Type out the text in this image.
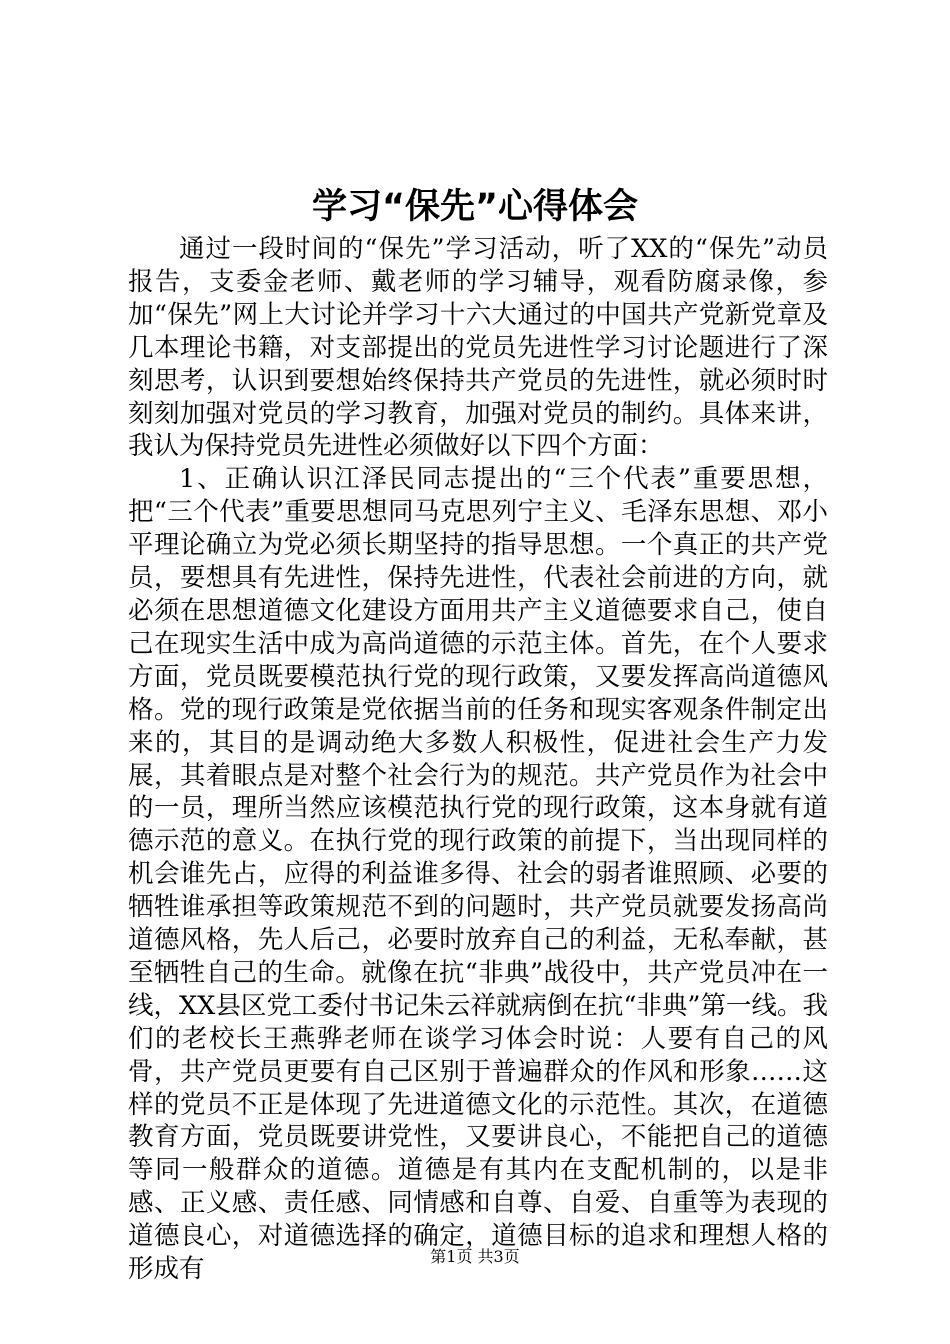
学习“保先”心得体会

通过一段时间的“保先”学习活动，听了XX的“保先”动员报告，支委金老师、戴老师的学习辅导，观看防腐录像，参加“保先”网上大讨论并学习十六大通过的中国共产党新党章及几本理论书籍，对支部提出的党员先进性学习讨论题进行了深刻思考，认识到要想始终保持共产党员的先进性，就必须时时刻刻加强对党员的学习教育，加强对党员的制约。具体来讲，我认为保持党员先进性必须做好以下四个方面：

1、正确认识江泽民同志提出的“三个代表”重要思想，把“三个代表”重要思想同马克思列宁主义、毛泽东思想、邓小平理论确立为党必须长期坚持的指导思想。一个真正的共产党员，要想具有先进性，保持先进性，代表社会前进的方向，就必须在思想道德文化建设方面用共产主义道德要求自己，使自己在现实生活中成为高尚道德的示范主体。首先，在个人要求方面，党员既要模范执行党的现行政策，又要发挥高尚道德风格。党的现行政策是党依据当前的任务和现实客观条件制定出来的，其目的是调动绝大多数人积极性，促进社会生产力发展，其着眼点是对整个社会行为的规范。共产党员作为社会中的一员，理所当然应该模范执行党的现行政策，这本身就有道德示范的意义。在执行党的现行政策的前提下，当出现同样的机会谁先占，应得的利益谁多得、社会的弱者谁照顾、必要的牺牲谁承担等政策规范不到的问题时，共产党员就要发扬高尚道德风格，先人后己，必要时放弃自己的利益，无私奉献，甚至牺牲自己的生命。就像在抗“非典”战役中，共产党员冲在一线，XX县区党工委付书记朱云祥就病倒在抗“非典”第一线。我们的老校长王燕骅老师在谈学习体会时说：人要有自己的风骨，共产党员更要有自己区别于普遍群众的作风和形象……这样的党员不正是体现了先进道德文化的示范性。其次，在道德教育方面，党员既要讲党性，又要讲良心，不能把自己的道德等同一般群众的道德。道德是有其内在支配机制的，以是非感、正义感、责任感、同情感和自尊、自爱、自重等为表现的道德良心，对道德选择的确定，道德目标的追求和理想人格的形成有	第1页 共3页
